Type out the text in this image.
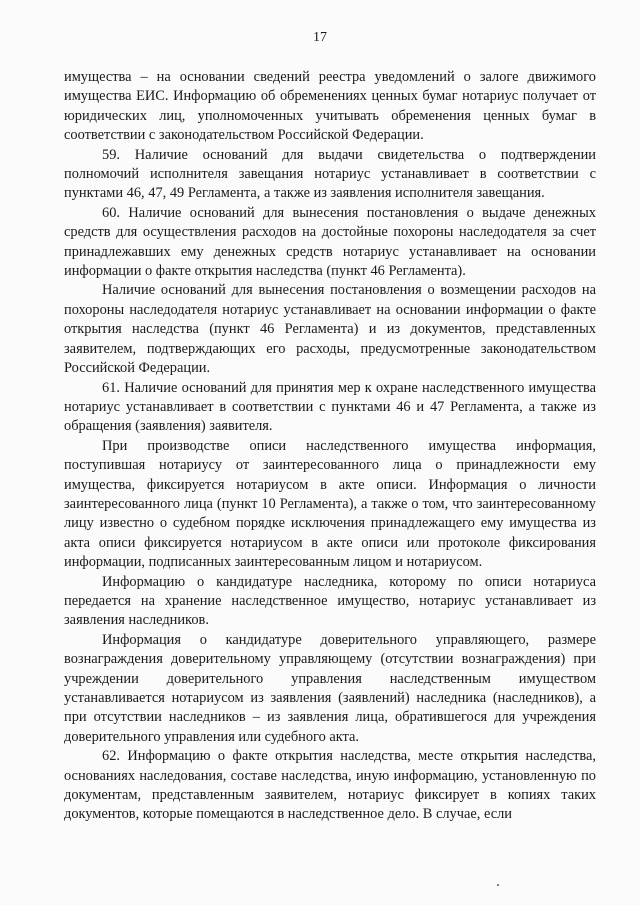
17

имущества – на основании сведений реестра уведомлений о залоге движимого имущества ЕИС. Информацию об обременениях ценных бумаг нотариус получает от юридических лиц, уполномоченных учитывать обременения ценных бумаг в соответствии с законодательством Российской Федерации.

59. Наличие оснований для выдачи свидетельства о подтверждении полномочий исполнителя завещания нотариус устанавливает в соответствии с пунктами 46, 47, 49 Регламента, а также из заявления исполнителя завещания.

60. Наличие оснований для вынесения постановления о выдаче денежных средств для осуществления расходов на достойные похороны наследодателя за счет принадлежавших ему денежных средств нотариус устанавливает на основании информации о факте открытия наследства (пункт 46 Регламента).

Наличие оснований для вынесения постановления о возмещении расходов на похороны наследодателя нотариус устанавливает на основании информации о факте открытия наследства (пункт 46 Регламента) и из документов, представленных заявителем, подтверждающих его расходы, предусмотренные законодательством Российской Федерации.

61. Наличие оснований для принятия мер к охране наследственного имущества нотариус устанавливает в соответствии с пунктами 46 и 47 Регламента, а также из обращения (заявления) заявителя.

При производстве описи наследственного имущества информация, поступившая нотариусу от заинтересованного лица о принадлежности ему имущества, фиксируется нотариусом в акте описи. Информация о личности заинтересованного лица (пункт 10 Регламента), а также о том, что заинтересованному лицу известно о судебном порядке исключения принадлежащего ему имущества из акта описи фиксируется нотариусом в акте описи или протоколе фиксирования информации, подписанных заинтересованным лицом и нотариусом.

Информацию о кандидатуре наследника, которому по описи нотариуса передается на хранение наследственное имущество, нотариус устанавливает из заявления наследников.

Информация о кандидатуре доверительного управляющего, размере вознаграждения доверительному управляющему (отсутствии вознаграждения) при учреждении доверительного управления наследственным имуществом устанавливается нотариусом из заявления (заявлений) наследника (наследников), а при отсутствии наследников – из заявления лица, обратившегося для учреждения доверительного управления или судебного акта.

62. Информацию о факте открытия наследства, месте открытия наследства, основаниях наследования, составе наследства, иную информацию, установленную по документам, представленным заявителем, нотариус фиксирует в копиях таких документов, которые помещаются в наследственное дело. В случае, если
